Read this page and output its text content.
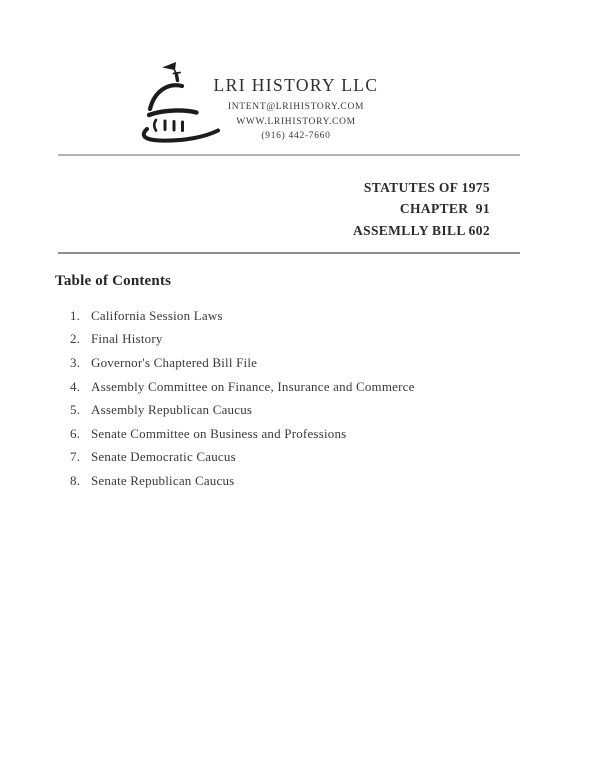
LRI HISTORY LLC
INTENT@LRIHISTORY.COM
WWW.LRIHISTORY.COM
(916) 442-7660
STATUTES OF 1975
CHAPTER  91
ASSEMLLY BILL 602
Table of Contents
1. California Session Laws
2. Final History
3. Governor's Chaptered Bill File
4. Assembly Committee on Finance, Insurance and Commerce
5. Assembly Republican Caucus
6. Senate Committee on Business and Professions
7. Senate Democratic Caucus
8. Senate Republican Caucus
